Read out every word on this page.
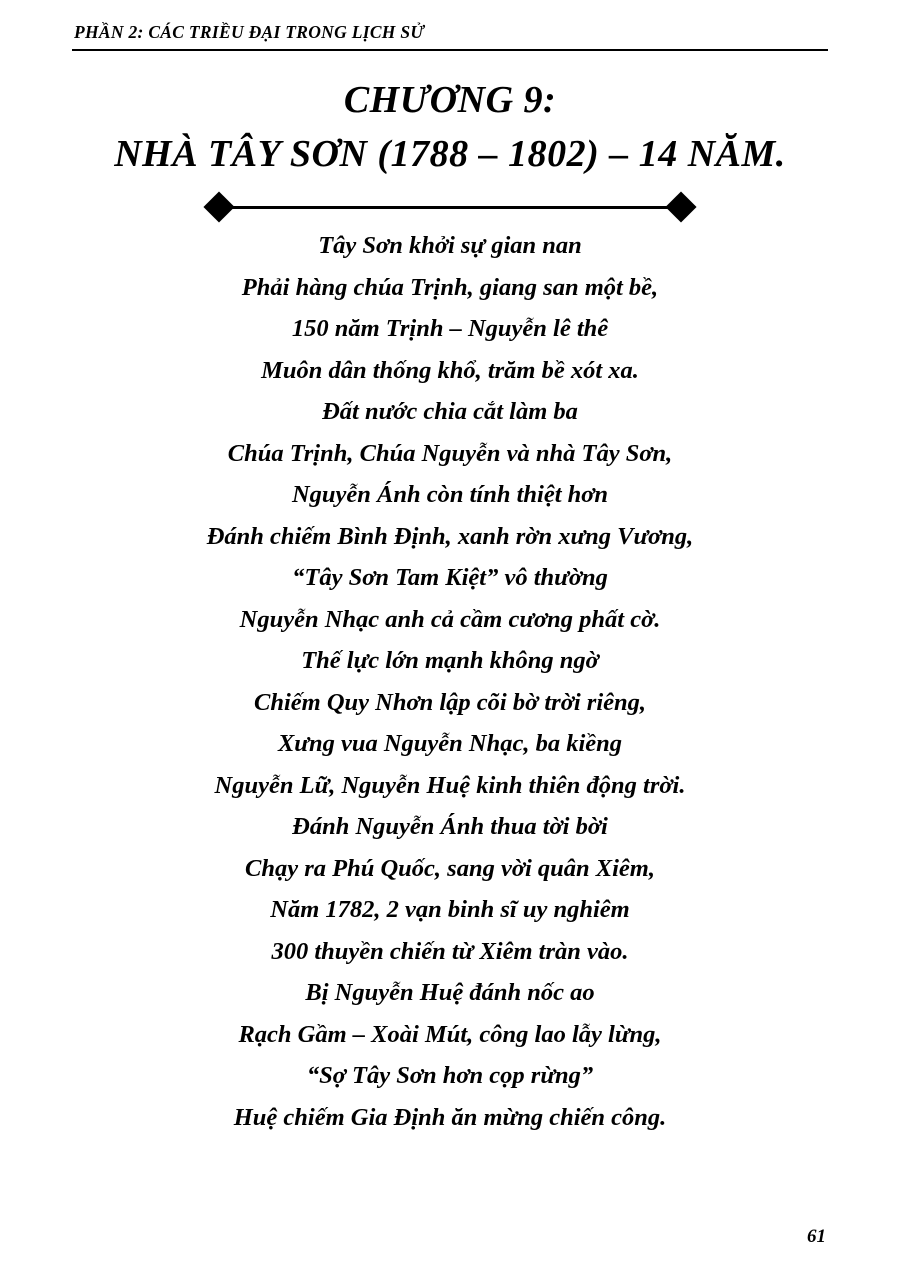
PHẦN 2: CÁC TRIỀU ĐẠI TRONG LỊCH SỬ
CHƯƠNG 9:
NHÀ TÂY SƠN (1788 – 1802) – 14 NĂM.

Tây Sơn khởi sự gian nan

Phải hàng chúa Trịnh, giang san một bề,

150 năm Trịnh – Nguyễn lê thê

Muôn dân thống khổ, trăm bề xót xa.

Đất nước chia cắt làm ba

Chúa Trịnh, Chúa Nguyễn và nhà Tây Sơn,

Nguyễn Ánh còn tính thiệt hơn

Đánh chiếm Bình Định, xanh rờn xưng Vương,

“Tây Sơn Tam Kiệt” vô thường

Nguyễn Nhạc anh cả cầm cương phất cờ.

Thế lực lớn mạnh không ngờ

Chiếm Quy Nhơn lập cõi bờ trời riêng,

Xưng vua Nguyễn Nhạc, ba kiềng

Nguyễn Lữ, Nguyễn Huệ kinh thiên động trời.

Đánh Nguyễn Ánh thua tời bời

Chạy ra Phú Quốc, sang vời quân Xiêm,

Năm 1782, 2 vạn binh sĩ uy nghiêm

300 thuyền chiến từ Xiêm tràn vào.

Bị Nguyễn Huệ đánh nốc ao

Rạch Gầm – Xoài Mút, công lao lẫy lừng,

“Sợ Tây Sơn hơn cọp rừng”

Huệ chiếm Gia Định ăn mừng chiến công.

61
